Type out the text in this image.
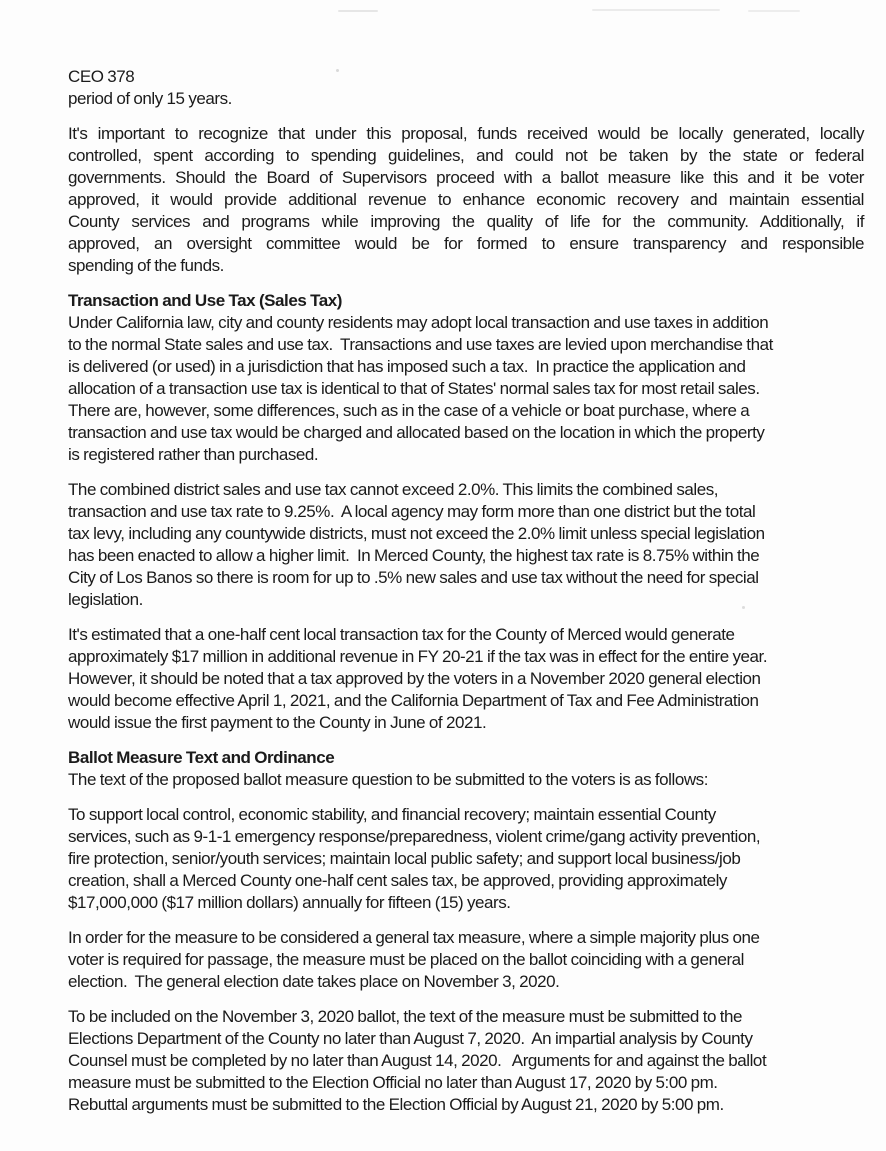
CEO 378
period of only 15 years.
It's important to recognize that under this proposal, funds received would be locally generated, locally
controlled, spent according to spending guidelines, and could not be taken by the state or federal
governments. Should the Board of Supervisors proceed with a ballot measure like this and it be voter
approved, it would provide additional revenue to enhance economic recovery and maintain essential
County services and programs while improving the quality of life for the community. Additionally, if
approved, an oversight committee would be for formed to ensure transparency and responsible
spending of the funds.
Transaction and Use Tax (Sales Tax)
Under California law, city and county residents may adopt local transaction and use taxes in addition
to the normal State sales and use tax.  Transactions and use taxes are levied upon merchandise that
is delivered (or used) in a jurisdiction that has imposed such a tax.  In practice the application and
allocation of a transaction use tax is identical to that of States' normal sales tax for most retail sales.
There are, however, some differences, such as in the case of a vehicle or boat purchase, where a
transaction and use tax would be charged and allocated based on the location in which the property
is registered rather than purchased.
The combined district sales and use tax cannot exceed 2.0%. This limits the combined sales,
transaction and use tax rate to 9.25%.  A local agency may form more than one district but the total
tax levy, including any countywide districts, must not exceed the 2.0% limit unless special legislation
has been enacted to allow a higher limit.  In Merced County, the highest tax rate is 8.75% within the
City of Los Banos so there is room for up to .5% new sales and use tax without the need for special
legislation.
It's estimated that a one-half cent local transaction tax for the County of Merced would generate
approximately $17 million in additional revenue in FY 20-21 if the tax was in effect for the entire year.
However, it should be noted that a tax approved by the voters in a November 2020 general election
would become effective April 1, 2021, and the California Department of Tax and Fee Administration
would issue the first payment to the County in June of 2021.
Ballot Measure Text and Ordinance
The text of the proposed ballot measure question to be submitted to the voters is as follows:
To support local control, economic stability, and financial recovery; maintain essential County
services, such as 9-1-1 emergency response/preparedness, violent crime/gang activity prevention,
fire protection, senior/youth services; maintain local public safety; and support local business/job
creation, shall a Merced County one-half cent sales tax, be approved, providing approximately
$17,000,000 ($17 million dollars) annually for fifteen (15) years.
In order for the measure to be considered a general tax measure, where a simple majority plus one
voter is required for passage, the measure must be placed on the ballot coinciding with a general
election.  The general election date takes place on November 3, 2020.
To be included on the November 3, 2020 ballot, the text of the measure must be submitted to the
Elections Department of the County no later than August 7, 2020.  An impartial analysis by County
Counsel must be completed by no later than August 14, 2020.   Arguments for and against the ballot
measure must be submitted to the Election Official no later than August 17, 2020 by 5:00 pm.
Rebuttal arguments must be submitted to the Election Official by August 21, 2020 by 5:00 pm.
